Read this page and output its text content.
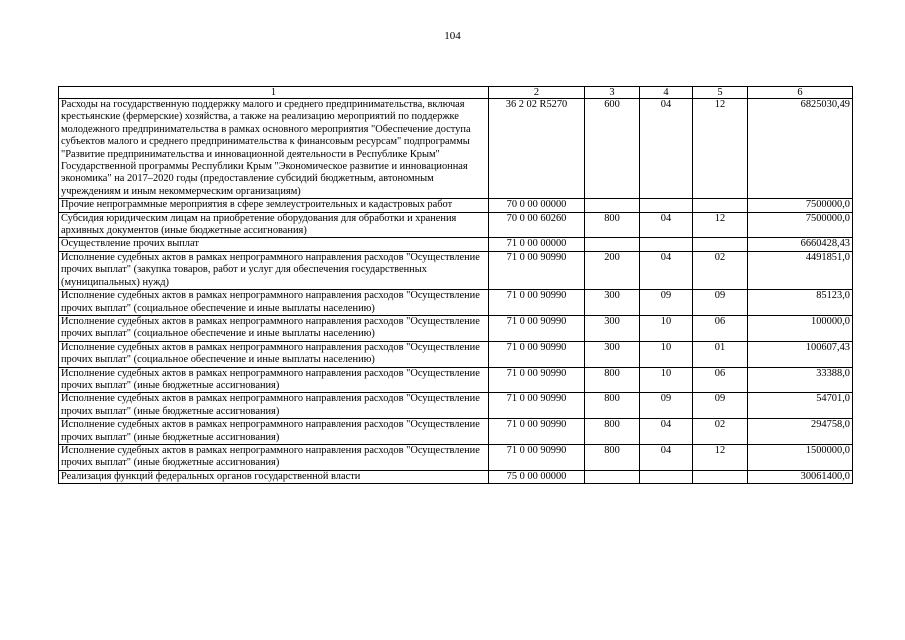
104
1	2	3	4	5	6
Расходы на государственную поддержку малого и среднего предпринимательства, включая крестьянские (фермерские) хозяйства, а также на реализацию мероприятий по поддержке молодежного предпринимательства в рамках основного мероприятия "Обеспечение доступа субъектов малого и среднего предпринимательства к финансовым ресурсам" подпрограммы "Развитие предпринимательства и инновационной деятельности в Республике Крым" Государственной программы Республики Крым "Экономическое развитие и инновационная экономика" на 2017–2020 годы (предоставление субсидий бюджетным, автономным учреждениям и иным некоммерческим организациям)	36 2 02 R5270	600	04	12	6825030,49
Прочие непрограммные мероприятия в сфере землеустроительных и кадастровых работ	70 0 00 00000				7500000,0
Субсидия юридическим лицам на приобретение оборудования для обработки и хранения архивных документов (иные бюджетные ассигнования)	70 0 00 60260	800	04	12	7500000,0
Осуществление прочих выплат	71 0 00 00000				6660428,43
Исполнение судебных актов в рамках непрограммного направления расходов "Осуществление прочих выплат" (закупка товаров, работ и услуг для обеспечения государственных (муниципальных) нужд)	71 0 00 90990	200	04	02	4491851,0
Исполнение судебных актов в рамках непрограммного направления расходов "Осуществление прочих выплат" (социальное обеспечение и иные выплаты населению)	71 0 00 90990	300	09	09	85123,0
Исполнение судебных актов в рамках непрограммного направления расходов "Осуществление прочих выплат" (социальное обеспечение и иные выплаты населению)	71 0 00 90990	300	10	06	100000,0
Исполнение судебных актов в рамках непрограммного направления расходов "Осуществление прочих выплат" (социальное обеспечение и иные выплаты населению)	71 0 00 90990	300	10	01	100607,43
Исполнение судебных актов в рамках непрограммного направления расходов "Осуществление прочих выплат" (иные бюджетные ассигнования)	71 0 00 90990	800	10	06	33388,0
Исполнение судебных актов в рамках непрограммного направления расходов "Осуществление прочих выплат" (иные бюджетные ассигнования)	71 0 00 90990	800	09	09	54701,0
Исполнение судебных актов в рамках непрограммного направления расходов "Осуществление прочих выплат" (иные бюджетные ассигнования)	71 0 00 90990	800	04	02	294758,0
Исполнение судебных актов в рамках непрограммного направления расходов "Осуществление прочих выплат" (иные бюджетные ассигнования)	71 0 00 90990	800	04	12	1500000,0
Реализация функций федеральных органов государственной власти	75 0 00 00000				30061400,0
